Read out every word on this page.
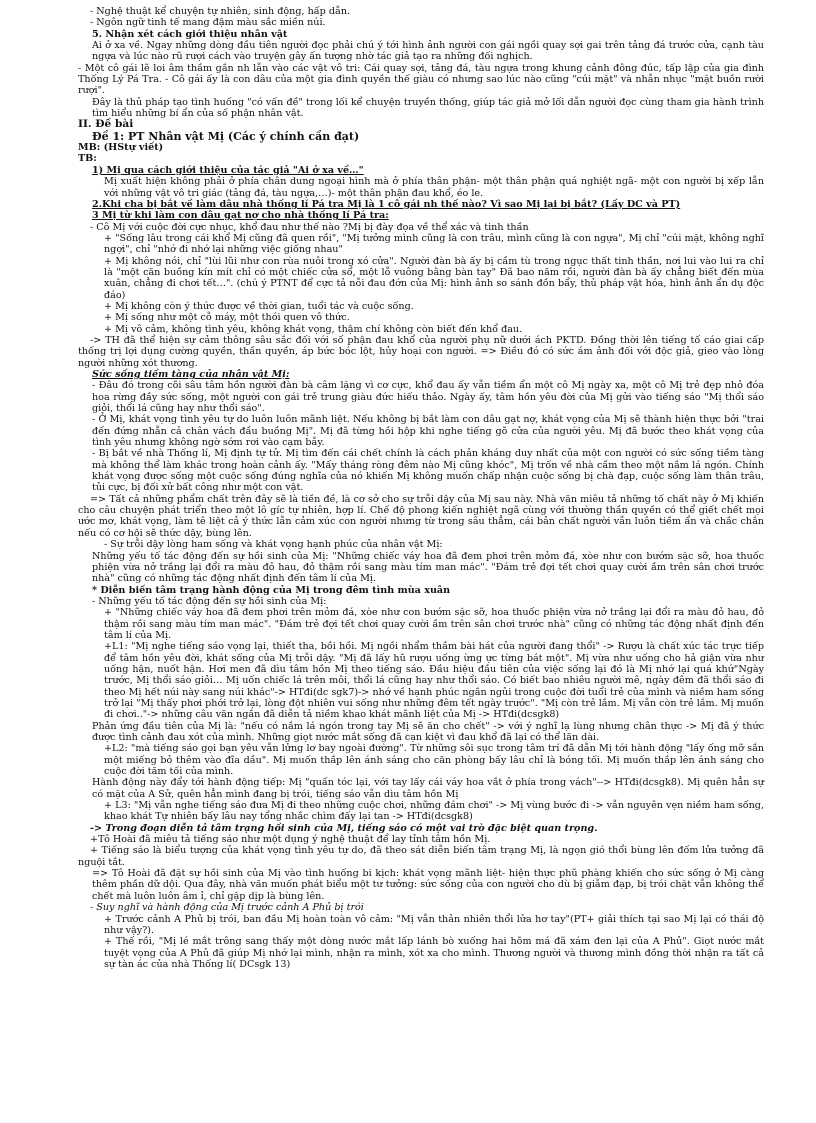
- Nghệ thuật kể chuyện tự nhiên, sinh động, hấp dẫn.

- Ngôn ngữ tinh tế mang đậm màu sắc miền núi.

5. Nhận xét cách giới thiệu nhân vật

Ai ở xa về. Ngay những dòng đầu tiên người đọc phải chú ý tới hình ảnh người con gái ngồi quay sợi gai trên tảng đá trước cửa, cạnh tàu ngựa và lúc nào rũ rượi cách vào truyện gây ấn tượng nhờ tác giả tạo ra những đối nghịch.

- Một cô gái lẽ loi âm thầm gắn nh lẫn vào các vật vô tri: Cái quay sợi, tảng đá, tàu ngựa trong khung cảnh đông đúc, tấp lập của gia đình Thống Lý Pá Tra. - Cô gái ấy là con dâu của một gia đình quyền thế giàu có nhưng sao lúc nào cũng "cúi mặt" và nhẫn nhục "mặt buồn rười rượi".

Đây là thủ pháp tạo tình huống "có vấn đề" trong lối kể chuyện truyền thống, giúp tác giả mở lối dẫn người đọc cùng tham gia hành trình tìm hiểu những bí ẩn của số phận nhân vật.

II. Đề bài

Đề 1: PT Nhân vật Mị (Các ý chính cần đạt)

MB: (HStự viết)

TB:

1) Mị qua cách giới thiệu của tác giả "Ai ở xa về…"

Mị xuất hiện không phải ở phía chân dung ngoại hình mà ở phía thân phận- một thân phận quá nghiệt ngã- một con người bị xếp lẫn với những vật vô tri giác (tảng đá, tàu ngựa,…)- một thân phận đau khổ, éo le.

2.Khi cha bị bắt về làm dâu nhà thống lí Pá tra Mị là 1 cô gái nh thế nào? Vì sao Mị lại bị bắt? (Lấy DC và PT)

3 Mị từ khi làm con dâu gạt nợ cho nhà thống lí Pá tra:

- Cô Mị với cuộc đời cực nhục, khổ đau như thế nào ?Mị bị đày đọa về thể xác và tinh thần

+ "Sống lâu trong cái khổ Mị cũng đã quen rồi", "Mị tưởng mình cũng là con trâu, mình cũng là con ngựa", Mị chỉ "cúi mặt, không nghĩ ngợi", chỉ "nhớ đi nhớ lại những việc giống nhau"

+ Mị không nói, chỉ "lùi lũi như con rùa nuôi trong xó cửa". Người đàn bà ấy bị cầm tù trong ngục thất tinh thần, nơi lui vào lui ra chỉ là "một căn buồng kín mít chỉ có một chiếc cửa sổ, một lỗ vuông bằng bàn tay" Đã bao năm rồi, người đàn bà ấy chẳng biết đến mùa xuân, chẳng đi chơi tết…". (chú ý PTNT để cực tả nỗi đau đớn của Mị: hình ảnh so sánh đồn bẩy, thủ pháp vật hóa, hình ảnh ẩn dụ độc đáo)

+ Mị không còn ý thức được về thời gian, tuổi tác và cuộc sống.

+ Mị sống như một cỗ máy, một thói quen vô thức.

+ Mị vô cảm, không tình yêu, không khát vọng, thậm chí không còn biết đến khổ đau.

-> TH đã thể hiện sự cảm thông sâu sắc đối với số phận đau khổ của người phụ nữ dưới ách PKTD. Đồng thời lên tiếng tố cáo giai cấp thống trị lợi dụng cường quyền, thần quyền, áp bức bóc lột, hủy hoại con người. => Điều đó có sức ám ảnh đối với độc giả, gieo vào lòng người những xót thương.

Sức sống tiềm tàng của nhân vật Mị:

- Đâu đó trong cõi sâu tâm hồn người đàn bà câm lặng vì cơ cực, khổ đau ấy vẫn tiềm ẩn một cô Mị ngày xa, một cô Mị trẻ đẹp nhỏ đóa hoa rừng đầy sức sống, một người con gái trẻ trung giàu đức hiếu thảo. Ngày ấy, tâm hồn yêu đời của Mị gửi vào tiếng sáo "Mị thổi sáo giỏi, thổi lá cũng hay như thổi sáo".

- Ở Mị, khát vọng tình yêu tự do luôn luôn mãnh liệt. Nếu không bị bắt làm con dâu gạt nợ, khát vọng của Mị sẽ thành hiện thực bởi "trai đến đứng nhẵn cả chân vách đầu buồng Mị". Mị đã từng hồi hộp khi nghe tiếng gõ cửa của người yêu. Mị đã bước theo khát vọng của tình yêu nhưng không ngờ sớm rơi vào cạm bẫy.

- Bị bắt về nhà Thống lí, Mị định tự tử. Mị tìm đến cái chết chính là cách phản kháng duy nhất của một con người có sức sống tiềm tàng mà không thể làm khác trong hoàn cảnh ấy. "Mấy tháng ròng đêm nào Mị cũng khóc", Mị trốn về nhà cầm theo một nắm lá ngón. Chính khát vọng được sống một cuộc sống đúng nghĩa của nó khiến Mị không muốn chấp nhận cuộc sống bị chà đạp, cuộc sống làm thân trâu, tủi cực, bị đối xử bất công như một con vật.

=> Tất cả những phẩm chất trên đây sẽ là tiền đề, là cơ sở cho sự trỗi dậy của Mị sau này. Nhà văn miêu tả những tố chất này ở Mị khiến cho câu chuyện phát triển theo một lô gíc tự nhiên, hợp lí. Chế độ phong kiến nghiệt ngã cùng với thường thần quyền có thể giết chết mọi ước mơ, khát vọng, làm tê liệt cả ý thức lẫn cảm xúc con người nhưng từ trong sâu thẳm, cái bản chất người vẫn luôn tiềm ẩn và chắc chắn nếu có cơ hội sẽ thức dậy, bùng lên.

- Sự trỗi dậy lòng ham sống và khát vọng hạnh phúc của nhân vật Mị:

Những yếu tố tác động đến sự hồi sinh của Mị: "Những chiếc váy hoa đã đem phơi trên mỏm đá, xòe như con bướm sặc sỡ, hoa thuốc phiện vừa nở trắng lại đổi ra màu đỏ hau, đỏ thậm rồi sang màu tím man mác". "Đám trẻ đợi tết chơi quay cười ầm trên sân chơi trước nhà" cũng có những tác động nhất định đến tâm lí của Mị.

* Diễn biến tâm trạng hành động của Mị trong đêm tình mùa xuân

- Những yếu tố tác động đến sự hồi sinh của Mị:

+ "Những chiếc váy hoa đã đem phơi trên mỏm đá, xòe như con bướm sặc sỡ, hoa thuốc phiện vừa nở trắng lại đổi ra màu đỏ hau, đỏ thậm rồi sang màu tím man mác". "Đám trẻ đợi tết chơi quay cười ầm trên sân chơi trước nhà" cũng có những tác động nhất định đến tâm lí của Mị.

+L1: "Mị nghe tiếng sáo vọng lại, thiết tha, bồi hồi. Mị ngồi nhẩm thầm bài hát của người đang thổi" -> Rượu là chất xúc tác trực tiếp để tâm hồn yêu đời, khát sống của Mị trỗi dậy. "Mị đã lấy hũ rượu uống ừng ực từng bát một". Mị vừa như uống cho hả giận vừa như uống hận, nuốt hận. Hơi men đã dìu tâm hồn Mị theo tiếng sáo. Đầu hiệu đầu tiên của việc sống lại đó là Mị nhớ lại quá khứ"Ngày trước, Mị thổi sáo giỏi… Mị uốn chiếc lá trên môi, thổi lá cũng hay như thổi sáo. Có biết bao nhiêu người mê, ngày đêm đã thổi sáo đi theo Mị hết núi này sang núi khác"-> HTđi(dc sgk7)-> nhớ về hạnh phúc ngắn ngủi trong cuộc đời tuổi trẻ của mình và niềm ham sống trở lại "Mị thấy phơi phới trở lại, lòng đột nhiên vui sống như những đêm tết ngày trước". "Mị còn trẻ lắm. Mị vẫn còn trẻ lắm. Mị muốn đi chơi.."-> những câu văn ngắn đã diễn tả niềm khao khát mãnh liệt của Mị -> HTđi(dcsgk8)

Phản ứng đầu tiên của Mị là: "nếu có nắm lá ngón trong tay Mị sẽ ăn cho chết" -> với ý nghĩ lạ lùng nhưng chân thực -> Mị đã ý thức được tình cảnh đau xót của mình. Những giọt nước mắt sống đã cạn kiệt vì đau khổ đã lại có thể lăn dài.

+L2: "mà tiếng sáo gọi bạn yêu vẫn lửng lơ bay ngoài đường". Từ những sôi sục trong tâm trí đã dẫn Mị tới hành động "lấy ống mỡ sắn một miếng bỏ thêm vào đĩa dầu". Mị muốn thắp lên ánh sáng cho căn phòng bấy lâu chỉ là bóng tối. Mị muốn thắp lên ánh sáng cho cuộc đời tăm tối của mình.

Hành động này đẩy tới hành động tiếp: Mị "quấn tóc lại, với tay lấy cái váy hoa vắt ở phía trong vách"--> HTđi(dcsgk8). Mị quên hẳn sự có mặt của A Sử, quên hẳn mình đang bị trói, tiếng sáo vẫn dìu tâm hồn Mị

+ L3: "Mị vẫn nghe tiếng sáo đưa Mị đi theo những cuộc chơi, những đám chơi" -> Mị vùng bước đi -> vẫn nguyên vẹn niềm ham sống, khao khát Tự nhiên bấy lâu nay tổng nhắc chìm đấy lại tan -> HTđi(dcsgk8)

-> Trong đoạn diễn tả tâm trạng hồi sinh của Mị, tiếng sáo có một vai trò đặc biệt quan trọng.

+Tô Hoài đã miêu tả tiếng sáo như một dụng ý nghệ thuật để lay tỉnh tâm hồn Mị.

+ Tiếng sáo là biểu tượng của khát vọng tình yêu tự do, đã theo sát diễn biến tâm trạng Mị, là ngọn gió thổi bùng lên đốm lửa tưởng đã nguội tắt.

=> Tô Hoài đã đặt sự hồi sinh của Mị vào tình huống bi kịch: khát vọng mãnh liệt- hiện thực phũ phàng khiến cho sức sống ở Mị càng thêm phần dữ dội. Qua đây, nhà văn muốn phát biểu một tư tưởng: sức sống của con người cho dù bị giẫm đạp, bị trói chặt vẫn không thể chết mà luôn luôn âm ỉ, chỉ gặp dịp là bùng lên.

- Suy nghĩ và hành động của Mị trước cảnh A Phủ bị trói

+ Trước cảnh A Phủ bị trói, ban đầu Mị hoàn toàn vô cảm: "Mị vẫn thản nhiên thổi lửa hơ tay"(PT+ giải thích tại sao Mị lại có thái độ như vậy?).

+ Thế rồi, "Mị lé mắt trông sang thấy một dòng nước mắt lấp lánh bò xuống hai hõm má đã xám đen lại của A Phủ". Giọt nước mắt tuyệt vọng của A Phủ đã giúp Mị nhớ lại mình, nhận ra mình, xót xa cho mình. Thương người và thương mình đồng thời nhận ra tất cả sự tàn ác của nhà Thống lí( DCsgk 13)
